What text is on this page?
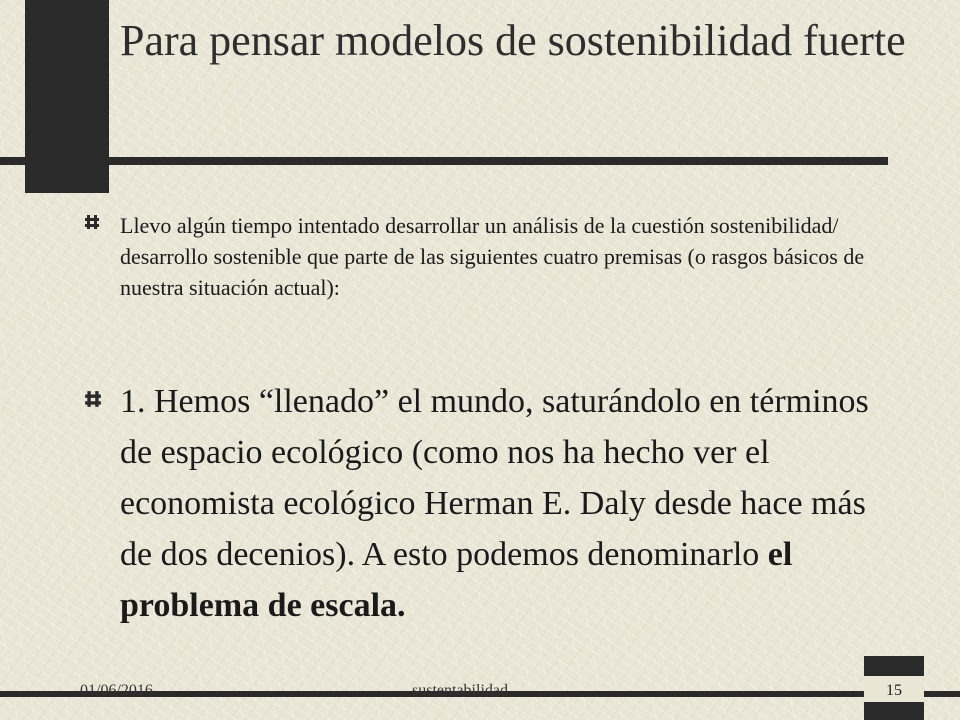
Para pensar modelos de sostenibilidad fuerte

Llevo algún tiempo intentado desarrollar un análisis de la cuestión sostenibilidad/ desarrollo sostenible que parte de las siguientes cuatro premisas (o rasgos básicos de nuestra situación actual):

1. Hemos “llenado” el mundo, saturándolo en términos de espacio ecológico (como nos ha hecho ver el economista ecológico Herman E. Daly desde hace más de dos decenios). A esto podemos denominarlo el problema de escala.

01/06/2016	sustentabilidad	15
